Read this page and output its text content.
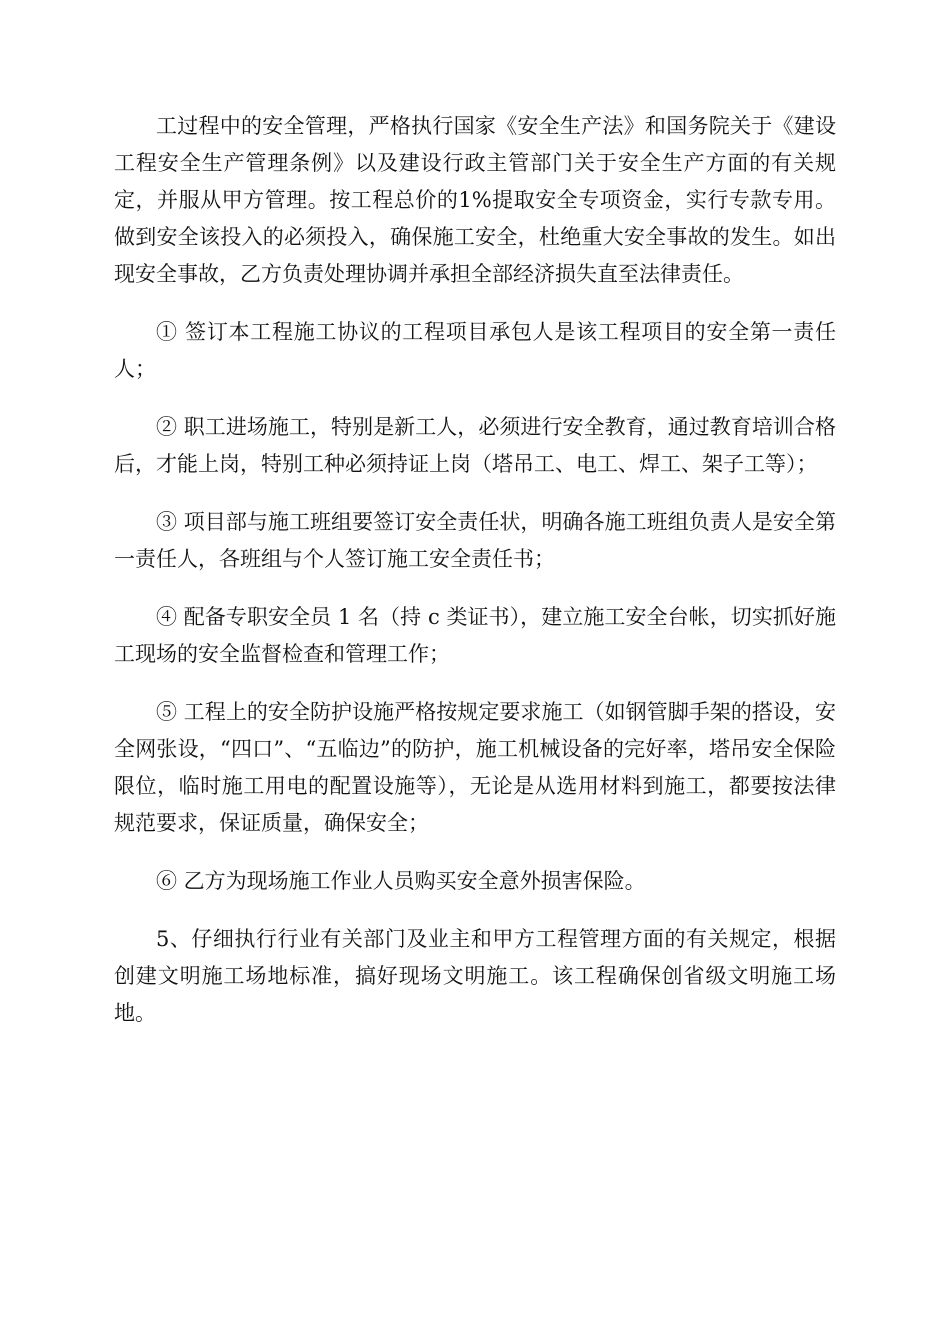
工过程中的安全管理，严格执行国家《安全生产法》和国务院关于《建设工程安全生产管理条例》以及建设行政主管部门关于安全生产方面的有关规定，并服从甲方管理。按工程总价的1%提取安全专项资金，实行专款专用。做到安全该投入的必须投入，确保施工安全，杜绝重大安全事故的发生。如出现安全事故，乙方负责处理协调并承担全部经济损失直至法律责任。

① 签订本工程施工协议的工程项目承包人是该工程项目的安全第一责任人；

② 职工进场施工，特别是新工人，必须进行安全教育，通过教育培训合格后，才能上岗，特别工种必须持证上岗（塔吊工、电工、焊工、架子工等）；

③ 项目部与施工班组要签订安全责任状，明确各施工班组负责人是安全第一责任人，各班组与个人签订施工安全责任书；

④ 配备专职安全员 1 名（持 c 类证书），建立施工安全台帐，切实抓好施工现场的安全监督检查和管理工作；

⑤ 工程上的安全防护设施严格按规定要求施工（如钢管脚手架的搭设，安全网张设，“四口”、“五临边”的防护，施工机械设备的完好率，塔吊安全保险限位，临时施工用电的配置设施等），无论是从选用材料到施工，都要按法律规范要求，保证质量，确保安全；

⑥ 乙方为现场施工作业人员购买安全意外损害保险。

5、仔细执行行业有关部门及业主和甲方工程管理方面的有关规定，根据创建文明施工场地标准，搞好现场文明施工。该工程确保创省级文明施工场地。
